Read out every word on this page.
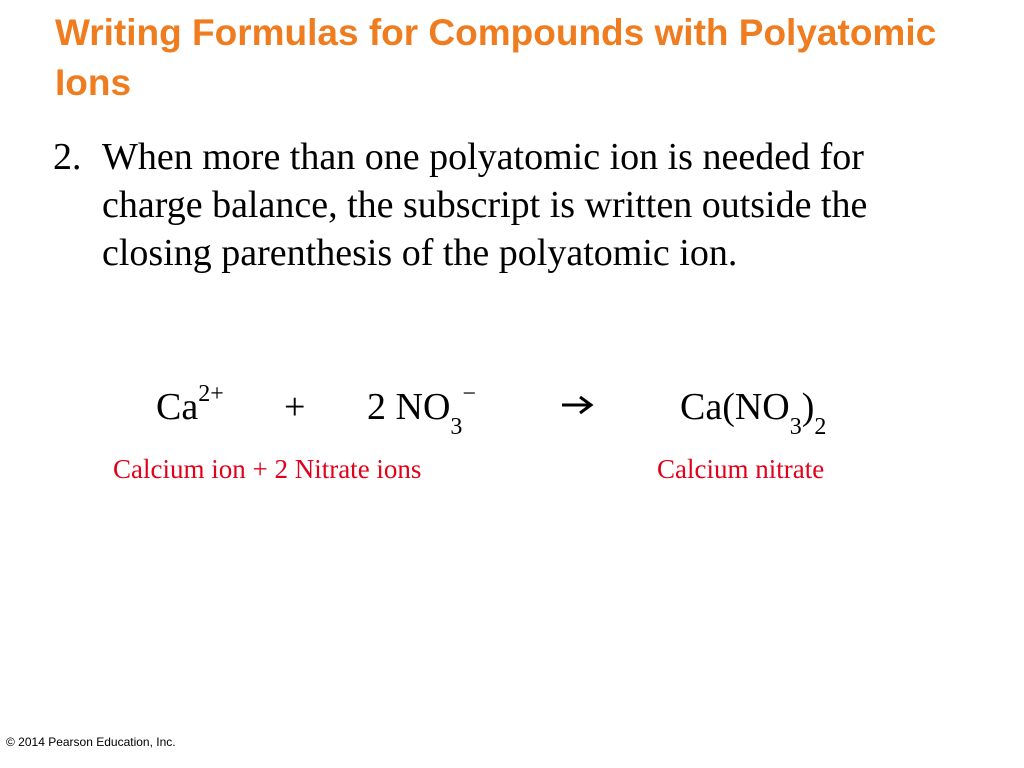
Writing Formulas for Compounds with Polyatomic Ions
2. When more than one polyatomic ion is needed for charge balance, the subscript is written outside the closing parenthesis of the polyatomic ion.
$Ca^{2+} + 2$ $NO_3^-$	$Ca(NO_3)_2$
Calcium ion + 2 Nitrate ions	Calcium nitrate
© 2014 Pearson Education, Inc.
